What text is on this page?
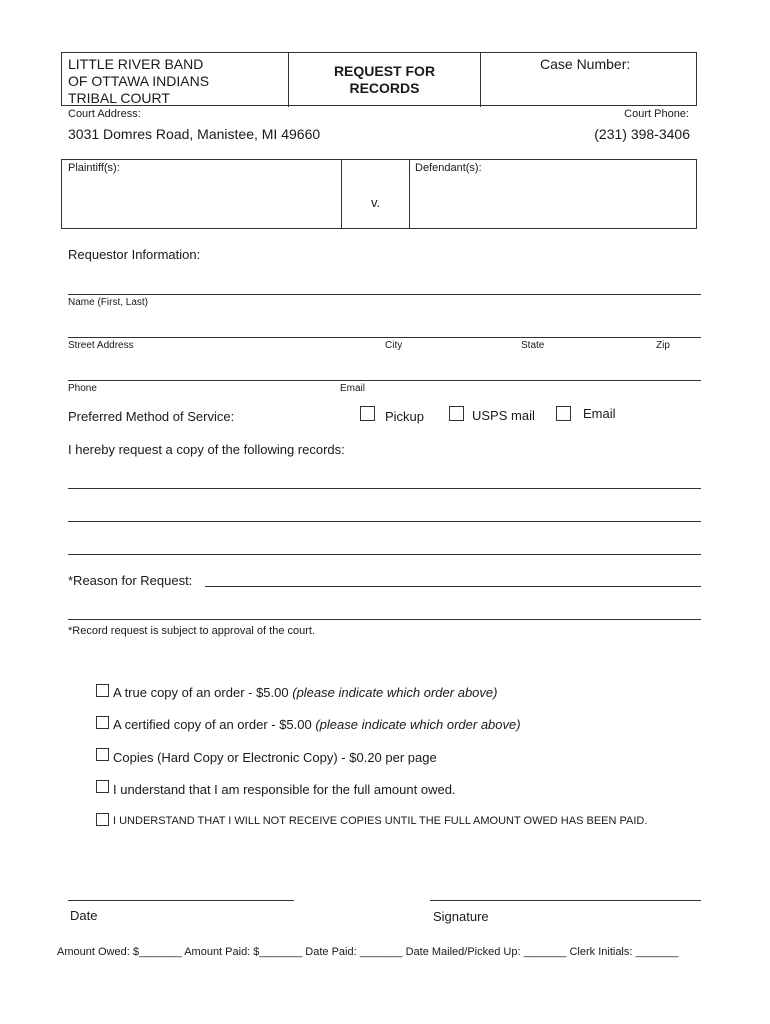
LITTLE RIVER BAND
OF OTTAWA INDIANS
TRIBAL COURT
REQUEST FOR
RECORDS
Case Number:
Court Address:
3031 Domres Road, Manistee, MI 49660
Court Phone:
(231) 398-3406
Plaintiff(s):
v.
Defendant(s):
Requestor Information:
Name (First, Last)
Street Address	City	State	Zip
Phone	Email
Preferred Method of Service:	Pickup	USPS mail	Email
I hereby request a copy of the following records:
*Reason for Request:
*Record request is subject to approval of the court.
A true copy of an order - $5.00 (please indicate which order above)
A certified copy of an order - $5.00 (please indicate which order above)
Copies (Hard Copy or Electronic Copy) - $0.20 per page
I understand that I am responsible for the full amount owed.
I UNDERSTAND THAT I WILL NOT RECEIVE COPIES UNTIL THE FULL AMOUNT OWED HAS BEEN PAID.
Date	Signature
Amount Owed: $_______ Amount Paid: $_______ Date Paid: _______ Date Mailed/Picked Up: _______ Clerk Initials: _______
